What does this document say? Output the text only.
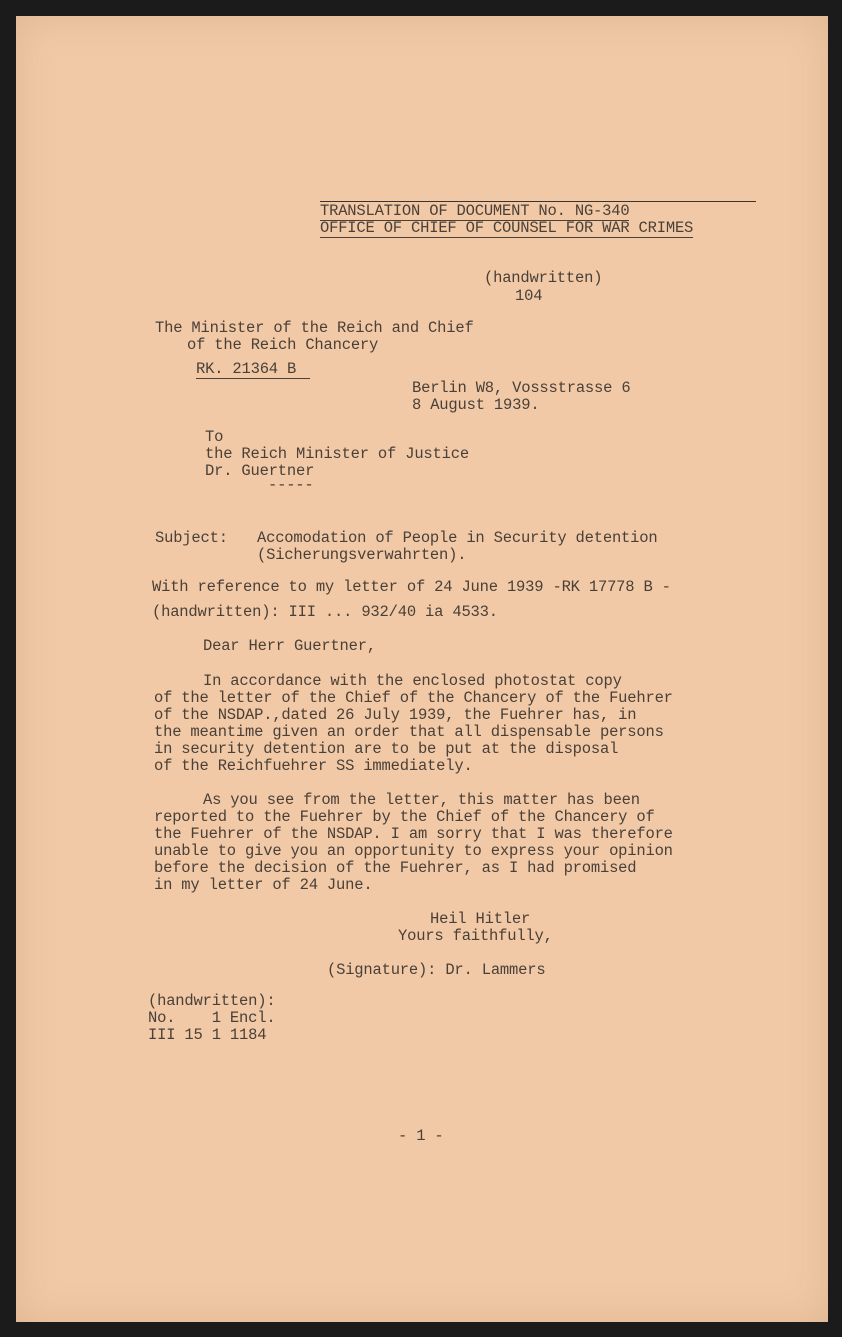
TRANSLATION OF DOCUMENT No. NG-340
OFFICE OF CHIEF OF COUNSEL FOR WAR CRIMES
(handwritten)
104
The Minister of the Reich and Chief
of the Reich Chancery
RK. 21364 B
Berlin W8, Vossstrasse 6
8 August 1939.
To
the Reich Minister of Justice
Dr. Guertner
-----
Subject: Accomodation of People in Security detention
(Sicherungsverwahrten).
With reference to my letter of 24 June 1939 -RK 17778 B -
(handwritten): III ... 932/40 ia 4533.
Dear Herr Guertner,
In accordance with the enclosed photostat copy
of the letter of the Chief of the Chancery of the Fuehrer
of the NSDAP.,dated 26 July 1939, the Fuehrer has, in
the meantime given an order that all dispensable persons
in security detention are to be put at the disposal
of the Reichfuehrer SS immediately.
As you see from the letter, this matter has been
reported to the Fuehrer by the Chief of the Chancery of
the Fuehrer of the NSDAP. I am sorry that I was therefore
unable to give you an opportunity to express your opinion
before the decision of the Fuehrer, as I had promised
in my letter of 24 June.
Heil Hitler
Yours faithfully,
(Signature): Dr. Lammers
(handwritten):
No.    1 Encl.
III 15 1 1184
- 1 -
